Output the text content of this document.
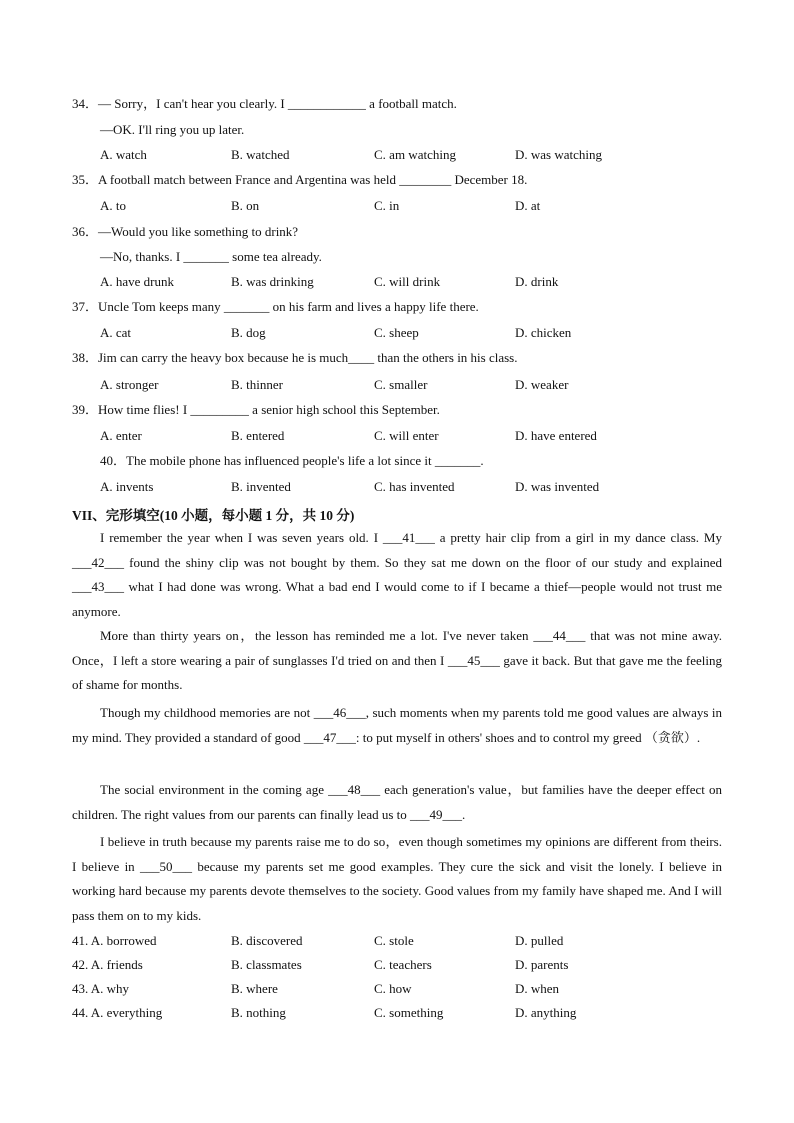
34．— Sorry，I can't hear you clearly. I ____________ a football match.
—OK. I'll ring you up later.
A. watch	B. watched	C. am watching	D. was watching
35．A football match between France and Argentina was held ________ December 18.
A. to	B. on	C. in	D. at
36．—Would you like something to drink?
—No, thanks. I _______ some tea already.
A. have drunk	B. was drinking	C. will drink	D. drink
37．Uncle Tom keeps many _______ on his farm and lives a happy life there.
A. cat	B. dog	C. sheep	D. chicken
38．Jim can carry the heavy box because he is much____ than the others in his class.
A. stronger	B. thinner	C. smaller	D. weaker
39．How time flies! I _________ a senior high school this September.
A. enter	B. entered	C. will enter	D. have entered
40．The mobile phone has influenced people's life a lot since it _______.
A. invents	B. invented	C. has invented	D. was invented
VII、完形填空(10 小题，每小题 1 分，共 10 分)
I remember the year when I was seven years old. I ___41___ a pretty hair clip from a girl in my dance class. My ___42___ found the shiny clip was not bought by them. So they sat me down on the floor of our study and explained ___43___ what I had done was wrong. What a bad end I would come to if I became a thief—people would not trust me anymore.
More than thirty years on，the lesson has reminded me a lot. I've never taken ___44___ that was not mine away. Once，I left a store wearing a pair of sunglasses I'd tried on and then I ___45___ gave it back. But that gave me the feeling of shame for months.
Though my childhood memories are not ___46___, such moments when my parents told me good values are always in my mind. They provided a standard of good ___47___: to put myself in others' shoes and to control my greed （贪欲）.
The social environment in the coming age ___48___ each generation's value，but families have the deeper effect on children. The right values from our parents can finally lead us to ___49___.
I believe in truth because my parents raise me to do so，even though sometimes my opinions are different from theirs. I believe in ___50___ because my parents set me good examples. They cure the sick and visit the lonely. I believe in working hard because my parents devote themselves to the society. Good values from my family have shaped me. And I will pass them on to my kids.
41. A. borrowed	B. discovered	C. stole	D. pulled
42. A. friends	B. classmates	C. teachers	D. parents
43. A. why	B. where	C. how	D. when
44. A. everything	B. nothing	C. something	D. anything
